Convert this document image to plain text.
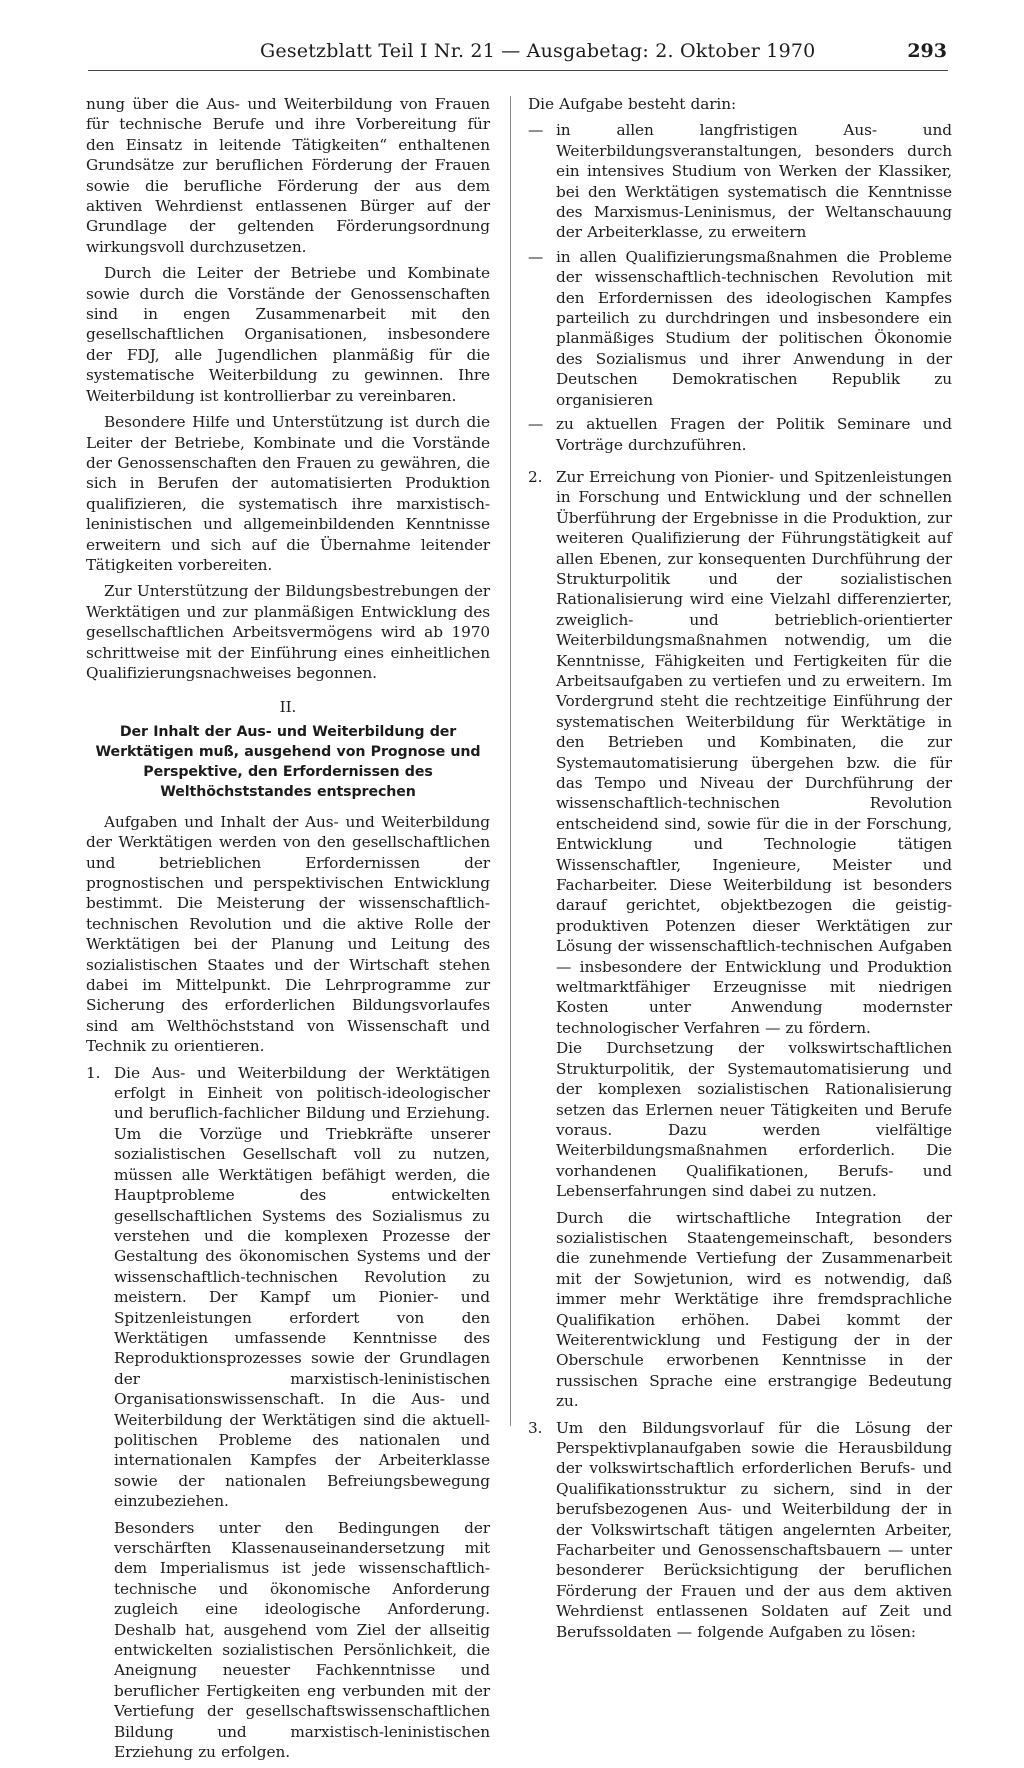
Gesetzblatt Teil I Nr. 21 — Ausgabetag: 2. Oktober 1970	293

nung über die Aus- und Weiterbildung von Frauen für technische Berufe und ihre Vorbereitung für den Einsatz in leitende Tätigkeiten“ enthaltenen Grundsätze zur beruflichen Förderung der Frauen sowie die berufliche Förderung der aus dem aktiven Wehrdienst entlassenen Bürger auf der Grundlage der geltenden Förderungsordnung wirkungsvoll durchzusetzen.

Durch die Leiter der Betriebe und Kombinate sowie durch die Vorstände der Genossenschaften sind in engen Zusammenarbeit mit den gesellschaftlichen Organisationen, insbesondere der FDJ, alle Jugendlichen planmäßig für die systematische Weiterbildung zu gewinnen. Ihre Weiterbildung ist kontrollierbar zu vereinbaren.

Besondere Hilfe und Unterstützung ist durch die Leiter der Betriebe, Kombinate und die Vorstände der Genossenschaften den Frauen zu gewähren, die sich in Berufen der automatisierten Produktion qualifizieren, die systematisch ihre marxistisch-leninistischen und allgemeinbildenden Kenntnisse erweitern und sich auf die Übernahme leitender Tätigkeiten vorbereiten.

Zur Unterstützung der Bildungsbestrebungen der Werktätigen und zur planmäßigen Entwicklung des gesellschaftlichen Arbeitsvermögens wird ab 1970 schrittweise mit der Einführung eines einheitlichen Qualifizierungsnachweises begonnen.

II.
Der Inhalt der Aus- und Weiterbildung der Werktätigen muß, ausgehend von Prognose und Perspektive, den Erfordernissen des Welthöchststandes entsprechen

Aufgaben und Inhalt der Aus- und Weiterbildung der Werktätigen werden von den gesellschaftlichen und betrieblichen Erfordernissen der prognostischen und perspektivischen Entwicklung bestimmt. Die Meisterung der wissenschaftlich-technischen Revolution und die aktive Rolle der Werktätigen bei der Planung und Leitung des sozialistischen Staates und der Wirtschaft stehen dabei im Mittelpunkt. Die Lehrprogramme zur Sicherung des erforderlichen Bildungsvorlaufes sind am Welthöchststand von Wissenschaft und Technik zu orientieren.

1. Die Aus- und Weiterbildung der Werktätigen erfolgt in Einheit von politisch-ideologischer und beruflich-fachlicher Bildung und Erziehung. Um die Vorzüge und Triebkräfte unserer sozialistischen Gesellschaft voll zu nutzen, müssen alle Werktätigen befähigt werden, die Hauptprobleme des entwickelten gesellschaftlichen Systems des Sozialismus zu verstehen und die komplexen Prozesse der Gestaltung des ökonomischen Systems und der wissenschaftlich-technischen Revolution zu meistern. Der Kampf um Pionier- und Spitzenleistungen erfordert von den Werktätigen umfassende Kenntnisse des Reproduktionsprozesses sowie der Grundlagen der marxistisch-leninistischen Organisationswissenschaft. In die Aus- und Weiterbildung der Werktätigen sind die aktuell-politischen Probleme des nationalen und internationalen Kampfes der Arbeiterklasse sowie der nationalen Befreiungsbewegung einzubeziehen.

Besonders unter den Bedingungen der verschärften Klassenauseinandersetzung mit dem Imperialismus ist jede wissenschaftlich-technische und ökonomische Anforderung zugleich eine ideologische Anforderung. Deshalb hat, ausgehend vom Ziel der allseitig entwickelten sozialistischen Persönlichkeit, die Aneignung neuester Fachkenntnisse und beruflicher Fertigkeiten eng verbunden mit der Vertiefung der gesellschaftswissenschaftlichen Bildung und marxistisch-leninistischen Erziehung zu erfolgen.

Die Aufgabe besteht darin:

— in allen langfristigen Aus- und Weiterbildungsveranstaltungen, besonders durch ein intensives Studium von Werken der Klassiker, bei den Werktätigen systematisch die Kenntnisse des Marxismus-Leninismus, der Weltanschauung der Arbeiterklasse, zu erweitern
— in allen Qualifizierungsmaßnahmen die Probleme der wissenschaftlich-technischen Revolution mit den Erfordernissen des ideologischen Kampfes parteilich zu durchdringen und insbesondere ein planmäßiges Studium der politischen Ökonomie des Sozialismus und ihrer Anwendung in der Deutschen Demokratischen Republik zu organisieren
— zu aktuellen Fragen der Politik Seminare und Vorträge durchzuführen.
2. Zur Erreichung von Pionier- und Spitzenleistungen in Forschung und Entwicklung und der schnellen Überführung der Ergebnisse in die Produktion, zur weiteren Qualifizierung der Führungstätigkeit auf allen Ebenen, zur konsequenten Durchführung der Strukturpolitik und der sozialistischen Rationalisierung wird eine Vielzahl differenzierter, zweiglich- und betrieblich-orientierter Weiterbildungsmaßnahmen notwendig, um die Kenntnisse, Fähigkeiten und Fertigkeiten für die Arbeitsaufgaben zu vertiefen und zu erweitern. Im Vordergrund steht die rechtzeitige Einführung der systematischen Weiterbildung für Werktätige in den Betrieben und Kombinaten, die zur Systemautomatisierung übergehen bzw. die für das Tempo und Niveau der Durchführung der wissenschaftlich-technischen Revolution entscheidend sind, sowie für die in der Forschung, Entwicklung und Technologie tätigen Wissenschaftler, Ingenieure, Meister und Facharbeiter. Diese Weiterbildung ist besonders darauf gerichtet, objektbezogen die geistig-produktiven Potenzen dieser Werktätigen zur Lösung der wissenschaftlich-technischen Aufgaben — insbesondere der Entwicklung und Produktion weltmarktfähiger Erzeugnisse mit niedrigen Kosten unter Anwendung modernster technologischer Verfahren — zu fördern.

Die Durchsetzung der volkswirtschaftlichen Strukturpolitik, der Systemautomatisierung und der komplexen sozialistischen Rationalisierung setzen das Erlernen neuer Tätigkeiten und Berufe voraus. Dazu werden vielfältige Weiterbildungsmaßnahmen erforderlich. Die vorhandenen Qualifikationen, Berufs- und Lebenserfahrungen sind dabei zu nutzen.

Durch die wirtschaftliche Integration der sozialistischen Staatengemeinschaft, besonders die zunehmende Vertiefung der Zusammenarbeit mit der Sowjetunion, wird es notwendig, daß immer mehr Werktätige ihre fremdsprachliche Qualifikation erhöhen. Dabei kommt der Weiterentwicklung und Festigung der in der Oberschule erworbenen Kenntnisse in der russischen Sprache eine erstrangige Bedeutung zu.

3. Um den Bildungsvorlauf für die Lösung der Perspektivplanaufgaben sowie die Herausbildung der volkswirtschaftlich erforderlichen Berufs- und Qualifikationsstruktur zu sichern, sind in der berufsbezogenen Aus- und Weiterbildung der in der Volkswirtschaft tätigen angelernten Arbeiter, Facharbeiter und Genossenschaftsbauern — unter besonderer Berücksichtigung der beruflichen Förderung der Frauen und der aus dem aktiven Wehrdienst entlassenen Soldaten auf Zeit und Berufssoldaten — folgende Aufgaben zu lösen:
